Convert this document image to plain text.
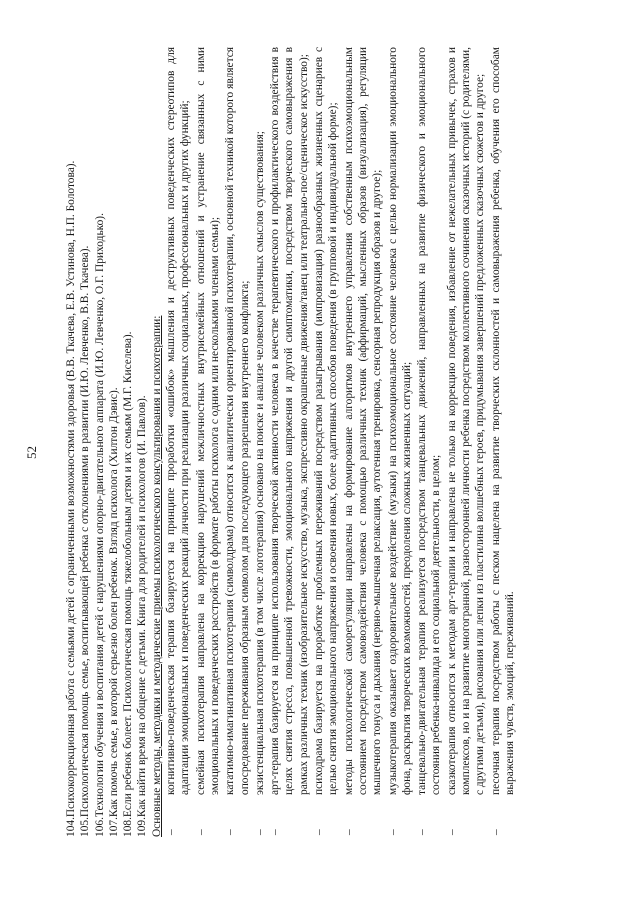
52 104.Психокоррекционная работа с семьями детей с ограниченными возможностями здоровья (В.В. Ткачева, Е.В. Устинова, Н.П. Болотова). 105.Психологическая помощь семье, воспитывающей ребенка с отклонениями в развитии (И.Ю. Левченко, В.В. Ткачева). 106.Технологии обучения и воспитания детей с нарушениями опорно-двигательного аппарата (И.Ю. Левченко, О.Г. Приходько). 107.Как помочь семье, в которой серьезно болен ребенок. Взгляд психолога (Хилтон Дэвис). 108.Если ребенок болеет. Психологическая помощь тяжелобольным детям и их семьям (М.Г. Киселева). 109.Как найти время на общение с детьми. Книга для родителей и психологов (И. Павлов). Основные методы, методики и методические приемы психологического консультирования и психотерапии: – когнитивно-поведенческая терапия базируется на принципе проработки «ошибок» мышления и деструктивных поведенческих стереотипов для адаптации эмоциональных и поведенческих реакций личности при реализации различных социальных, профессиональных и других функций; – семейная психотерапия направлена на коррекцию нарушений межличностных внутрисемейных отношений и устранение связанных с ними эмоциональных и поведенческих расстройств (в формате работы психолога с одним или несколькими членами семьи); – кататимно-имагинативная психотерапия (символдрама) относится к аналитически ориентированной психотерапии, основной техникой которого является опосредование переживания образным символом для последующего разрешения внутреннего конфликта; – экзистенциальная психотерапия (в том числе логотерапия) основано на поиске и анализе человеком различных смыслов существования; – арт-терапия базируется на принципе использования творческой активности человека в качестве терапевтического и профилактического воздействия в целях снятия стресса, повышенной тревожности, эмоционального напряжения и другой симптоматики, посредством творческого самовыражения в рамках различных техник (изобразительное искусство, музыка, экспрессивно окрашенные движения/танец или театрально-пое/сценическое искусство); – психодрама базируется на проработке проблемных переживаний посредством разыгрывания (импровизация) разнообразных жизненных сценариев с целью снятия эмоционального напряжения и освоения новых, более адаптивных способов поведения (в групповой и индивидуальной форме); – методы психологической саморегуляции направлены на формирование алгоритмов внутреннего управления собственным психоэмоциональным состоянием посредством самовоздействия человека с помощью различных техник (аффирмаций, мысленных образов (визуализация), регуляции мышечного тонуса и дыхания (нервно-мышечная релаксация, аутогенная тренировка, сенсорная репродукция образов и другое); – музыкотерапия оказывает оздоровительное воздействие (музыки) на психоэмоциональное состояние человека с целью нормализации эмоционального фона, раскрытия творческих возможностей, преодоления сложных жизненных ситуаций; – танцевально-двигательная терапия реализуется посредством танцевальных движений, направленных на развитие физического и эмоционального состояния ребенка-инвалида и его социальной деятельности, в целом; – сказкотерапия относится к методам арт-терапии и направлена не только на коррекцию поведения, избавление от нежелательных привычек, страхов и комплексов, но и на развитие многогранной, разносторонней личности ребенка посредством коллективного сочинения сказочных историй (с родителями, с другими детьми), рисования или лепки из пластилина волшебных героев, придумывания завершений предложенных сказочных сюжетов и другое; – песочная терапия посредством работы с песком нацелена на развитие творческих склонностей и самовыражения ребенка, обучения его способам выражения чувств, эмоций, переживаний.
